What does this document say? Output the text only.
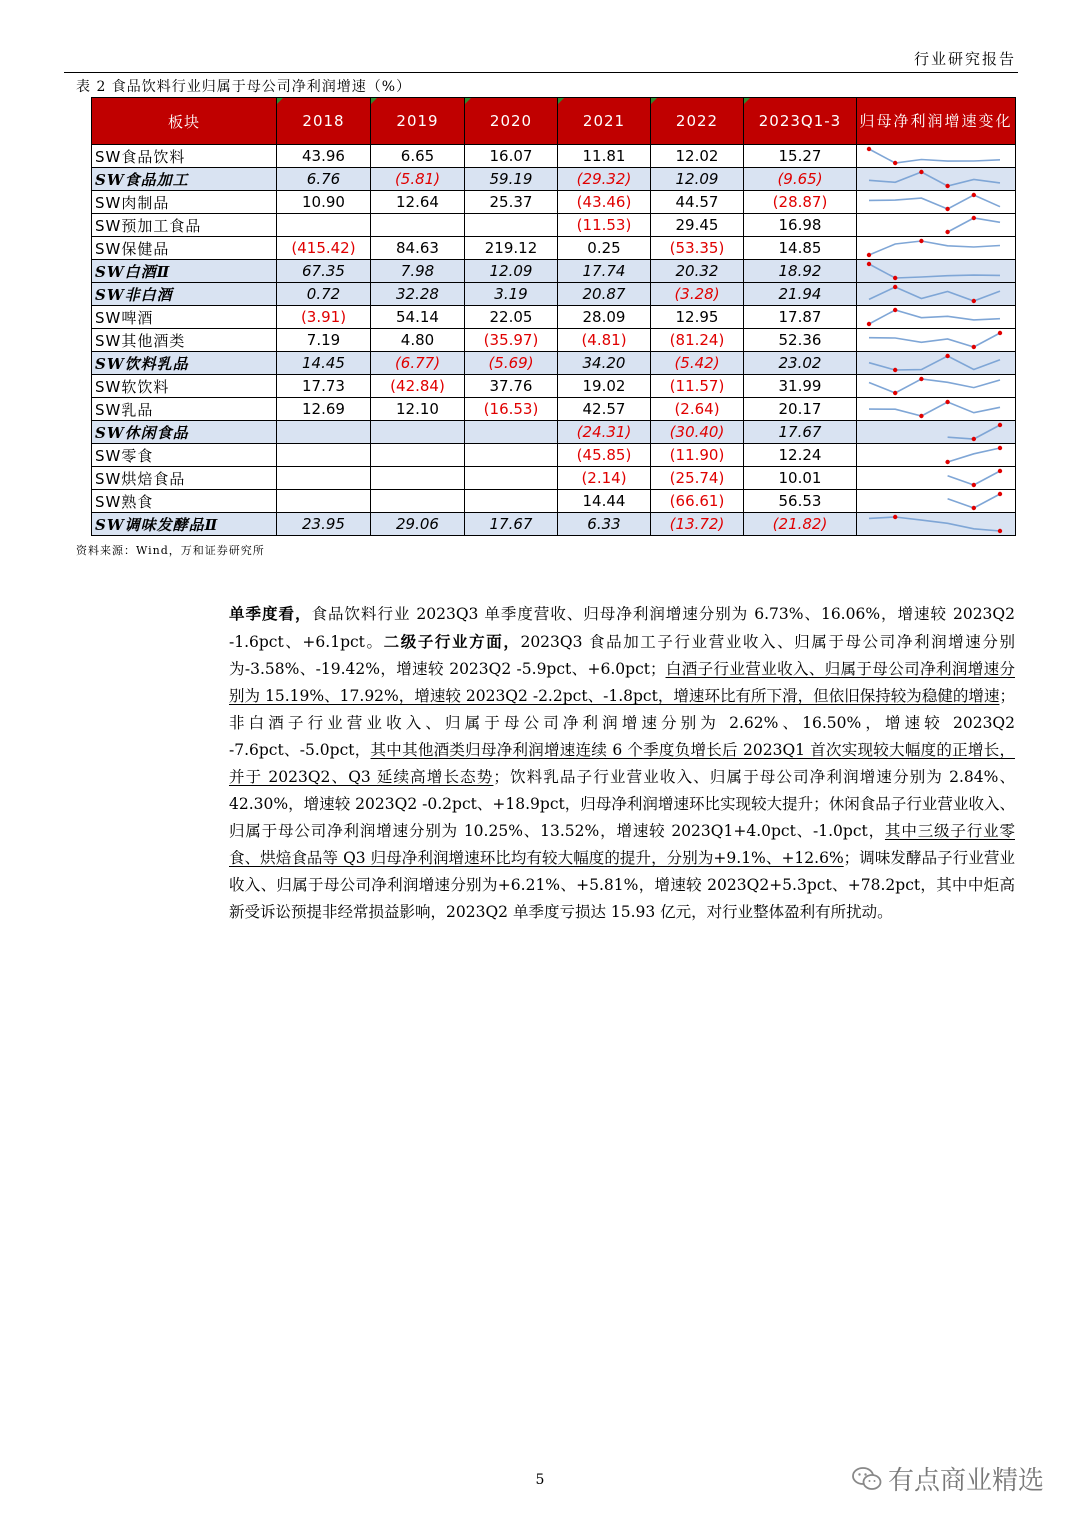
行业研究报告
表 2 食品饮料行业归属于母公司净利润增速（%）
板块	2018	2019	2020	2021	2022	2023Q1-3	归母净利润增速变化
SW食品饮料	43.96	6.65	16.07	11.81	12.02	15.27	

SW食品加工	6.76	(5.81)	59.19	(29.32)	12.09	(9.65)	

SW肉制品	10.90	12.64	25.37	(43.46)	44.57	(28.87)	

SW预加工食品				(11.53)	29.45	16.98	

SW保健品	(415.42)	84.63	219.12	0.25	(53.35)	14.85	

SW白酒Ⅱ	67.35	7.98	12.09	17.74	20.32	18.92	

SW非白酒	0.72	32.28	3.19	20.87	(3.28)	21.94	

SW啤酒	(3.91)	54.14	22.05	28.09	12.95	17.87	

SW其他酒类	7.19	4.80	(35.97)	(4.81)	(81.24)	52.36	

SW饮料乳品	14.45	(6.77)	(5.69)	34.20	(5.42)	23.02	

SW软饮料	17.73	(42.84)	37.76	19.02	(11.57)	31.99	

SW乳品	12.69	12.10	(16.53)	42.57	(2.64)	20.17	

SW休闲食品				(24.31)	(30.40)	17.67	

SW零食				(45.85)	(11.90)	12.24	

SW烘焙食品				(2.14)	(25.74)	10.01	

SW熟食				14.44	(66.61)	56.53	

SW调味发酵品Ⅱ	23.95	29.06	17.67	6.33	(13.72)	(21.82)	
资料来源：Wind，万和证券研究所
单季度看，食品饮料行业 2023Q3 单季度营收、归母净利润增速分别为 6.73%、16.06%，增速较 2023Q2 -1.6pct、+6.1pct。二级子行业方面，2023Q3 食品加工子行业营业收入、归属于母公司净利润增速分别为-3.58%、-19.42%，增速较 2023Q2 -5.9pct、+6.0pct；白酒子行业营业收入、归属于母公司净利润增速分别为 15.19%、17.92%，增速较 2023Q2 -2.2pct、-1.8pct，增速环比有所下滑，但依旧保持较为稳健的增速；非白酒子行业营业收入、归属于母公司净利润增速分别为 2.62%、16.50%，增速较 2023Q2 -7.6pct、-5.0pct，其中其他酒类归母净利润增速连续 6 个季度负增长后 2023Q1 首次实现较大幅度的正增长，并于 2023Q2、Q3 延续高增长态势；饮料乳品子行业营业收入、归属于母公司净利润增速分别为 2.84%、42.30%，增速较 2023Q2 -0.2pct、+18.9pct，归母净利润增速环比实现较大提升；休闲食品子行业营业收入、归属于母公司净利润增速分别为 10.25%、13.52%，增速较 2023Q1+4.0pct、-1.0pct，其中三级子行业零食、烘焙食品等 Q3 归母净利润增速环比均有较大幅度的提升，分别为+9.1%、+12.6%；调味发酵品子行业营业收入、归属于母公司净利润增速分别为+6.21%、+5.81%，增速较 2023Q2+5.3pct、+78.2pct，其中中炬高新受诉讼预提非经常损益影响，2023Q2 单季度亏损达 15.93 亿元，对行业整体盈利有所扰动。
5	有点商业精选
